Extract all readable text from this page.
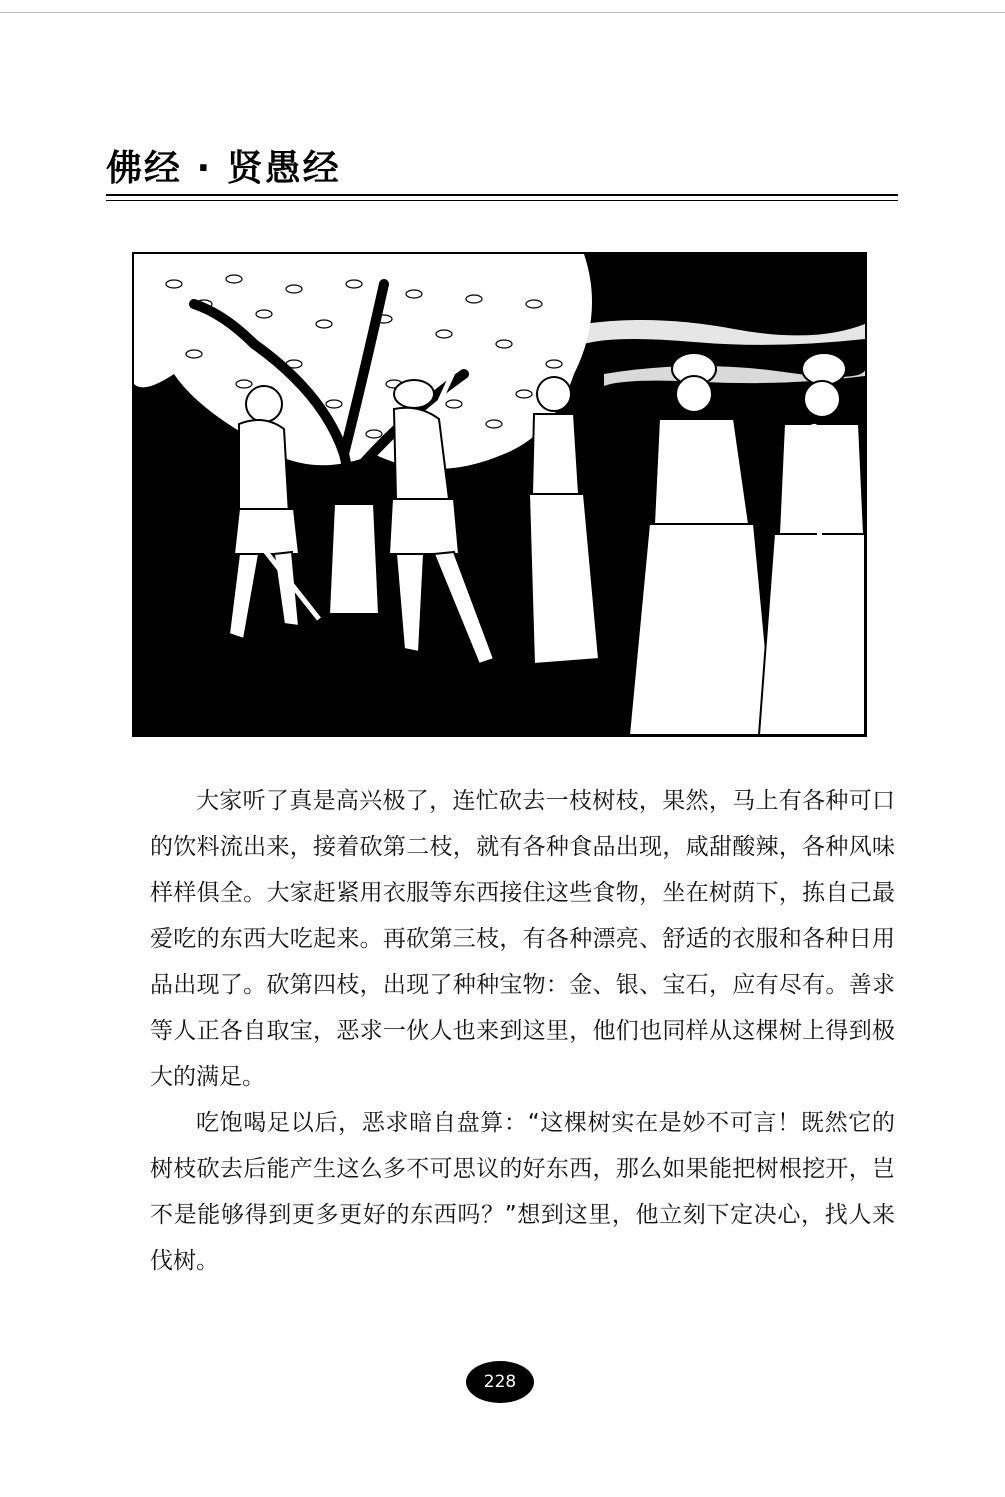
佛经 · 贤愚经

大家听了真是高兴极了，连忙砍去一枝树枝，果然，马上有各种可口的饮料流出来，接着砍第二枝，就有各种食品出现，咸甜酸辣，各种风味样样俱全。大家赶紧用衣服等东西接住这些食物，坐在树荫下，拣自己最爱吃的东西大吃起来。再砍第三枝，有各种漂亮、舒适的衣服和各种日用品出现了。砍第四枝，出现了种种宝物：金、银、宝石，应有尽有。善求等人正各自取宝，恶求一伙人也来到这里，他们也同样从这棵树上得到极大的满足。

吃饱喝足以后，恶求暗自盘算：“这棵树实在是妙不可言！既然它的树枝砍去后能产生这么多不可思议的好东西，那么如果能把树根挖开，岂不是能够得到更多更好的东西吗？”想到这里，他立刻下定决心，找人来伐树。

228
